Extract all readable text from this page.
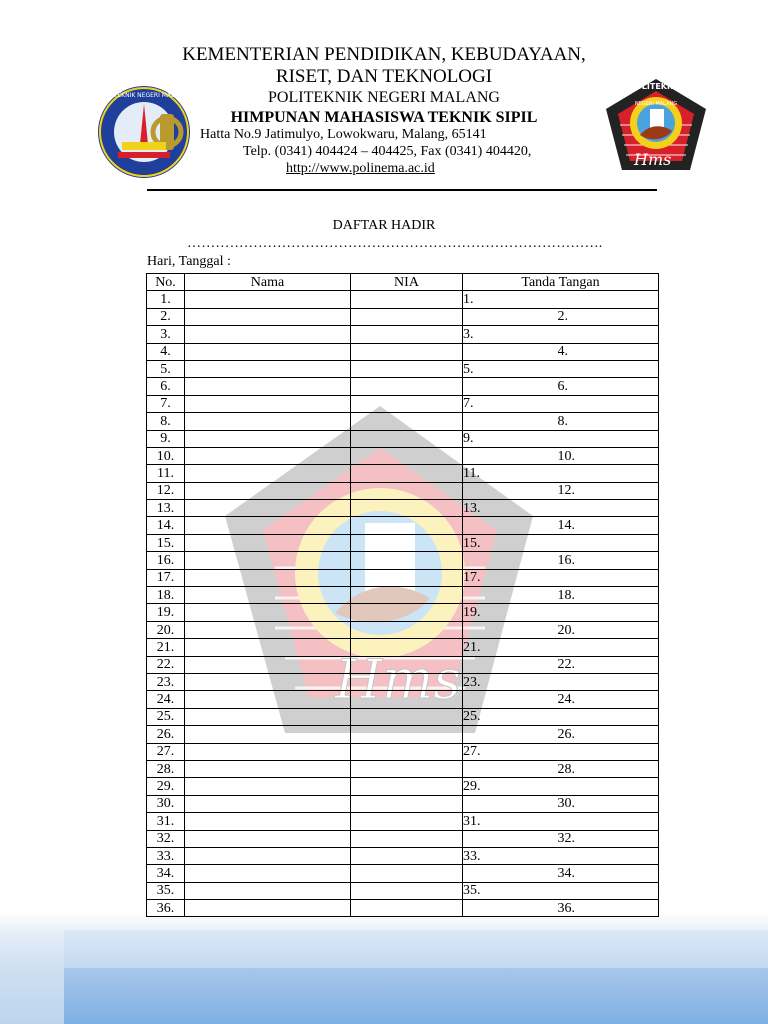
Hms
POLITEKNIK NEGERI MALANG
Hms
POLITEKNIK
NEGERI MALANG
KEMENTERIAN PENDIDIKAN, KEBUDAYAAN,
RISET, DAN TEKNOLOGI
POLITEKNIK NEGERI MALANG
HIMPUNAN MAHASISWA TEKNIK SIPIL
Hatta No.9 Jatimulyo, Lowokwaru, Malang, 65141
Telp. (0341) 404424 – 404425, Fax (0341) 404420,
http://www.polinema.ac.id
DAFTAR HADIR
…………………………………………………………………………….
Hari, Tanggal :
No.	Nama	NIA	Tanda Tangan	
1.			1.	
2.				2.
3.			3.	
4.				4.
5.			5.	
6.				6.
7.			7.	
8.				8.
9.			9.	
10.				10.
11.			11.	
12.				12.
13.			13.	
14.				14.
15.			15.	
16.				16.
17.			17.	
18.				18.
19.			19.	
20.				20.
21.			21.	
22.				22.
23.			23.	
24.				24.
25.			25.	
26.				26.
27.			27.	
28.				28.
29.			29.	
30.				30.
31.			31.	
32.				32.
33.			33.	
34.				34.
35.			35.	
36.				36.
